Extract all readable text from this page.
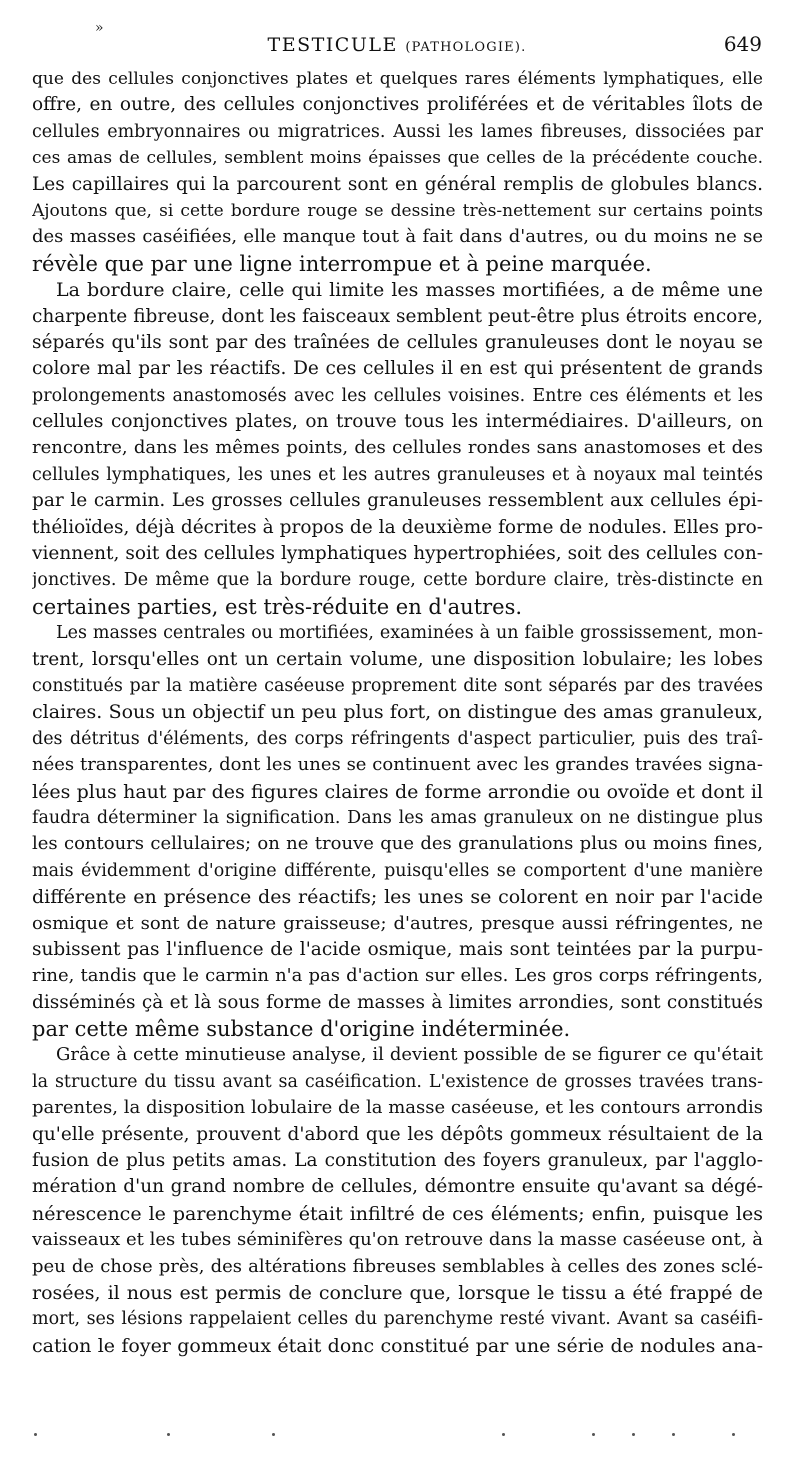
»
TESTICULE (PATHOLOGIE).	649
que des cellules conjonctives plates et quelques rares éléments lymphatiques, elle
offre, en outre, des cellules conjonctives proliférées et de véritables îlots de
cellules embryonnaires ou migratrices. Aussi les lames fibreuses, dissociées par
ces amas de cellules, semblent moins épaisses que celles de la précédente couche.
Les capillaires qui la parcourent sont en général remplis de globules blancs.
Ajoutons que, si cette bordure rouge se dessine très-nettement sur certains points
des masses caséifiées, elle manque tout à fait dans d'autres, ou du moins ne se
révèle que par une ligne interrompue et à peine marquée.
La bordure claire, celle qui limite les masses mortifiées, a de même une
charpente fibreuse, dont les faisceaux semblent peut-être plus étroits encore,
séparés qu'ils sont par des traînées de cellules granuleuses dont le noyau se
colore mal par les réactifs. De ces cellules il en est qui présentent de grands
prolongements anastomosés avec les cellules voisines. Entre ces éléments et les
cellules conjonctives plates, on trouve tous les intermédiaires. D'ailleurs, on
rencontre, dans les mêmes points, des cellules rondes sans anastomoses et des
cellules lymphatiques, les unes et les autres granuleuses et à noyaux mal teintés
par le carmin. Les grosses cellules granuleuses ressemblent aux cellules épi-
thélioïdes, déjà décrites à propos de la deuxième forme de nodules. Elles pro-
viennent, soit des cellules lymphatiques hypertrophiées, soit des cellules con-
jonctives. De même que la bordure rouge, cette bordure claire, très-distincte en
certaines parties, est très-réduite en d'autres.
Les masses centrales ou mortifiées, examinées à un faible grossissement, mon-
trent, lorsqu'elles ont un certain volume, une disposition lobulaire; les lobes
constitués par la matière caséeuse proprement dite sont séparés par des travées
claires. Sous un objectif un peu plus fort, on distingue des amas granuleux,
des détritus d'éléments, des corps réfringents d'aspect particulier, puis des traî-
nées transparentes, dont les unes se continuent avec les grandes travées signa-
lées plus haut par des figures claires de forme arrondie ou ovoïde et dont il
faudra déterminer la signification. Dans les amas granuleux on ne distingue plus
les contours cellulaires; on ne trouve que des granulations plus ou moins fines,
mais évidemment d'origine différente, puisqu'elles se comportent d'une manière
différente en présence des réactifs; les unes se colorent en noir par l'acide
osmique et sont de nature graisseuse; d'autres, presque aussi réfringentes, ne
subissent pas l'influence de l'acide osmique, mais sont teintées par la purpu-
rine, tandis que le carmin n'a pas d'action sur elles. Les gros corps réfringents,
disséminés çà et là sous forme de masses à limites arrondies, sont constitués
par cette même substance d'origine indéterminée.
Grâce à cette minutieuse analyse, il devient possible de se figurer ce qu'était
la structure du tissu avant sa caséification. L'existence de grosses travées trans-
parentes, la disposition lobulaire de la masse caséeuse, et les contours arrondis
qu'elle présente, prouvent d'abord que les dépôts gommeux résultaient de la
fusion de plus petits amas. La constitution des foyers granuleux, par l'agglo-
mération d'un grand nombre de cellules, démontre ensuite qu'avant sa dégé-
nérescence le parenchyme était infiltré de ces éléments; enfin, puisque les
vaisseaux et les tubes séminifères qu'on retrouve dans la masse caséeuse ont, à
peu de chose près, des altérations fibreuses semblables à celles des zones sclé-
rosées, il nous est permis de conclure que, lorsque le tissu a été frappé de
mort, ses lésions rappelaient celles du parenchyme resté vivant. Avant sa caséifi-
cation le foyer gommeux était donc constitué par une série de nodules ana-
